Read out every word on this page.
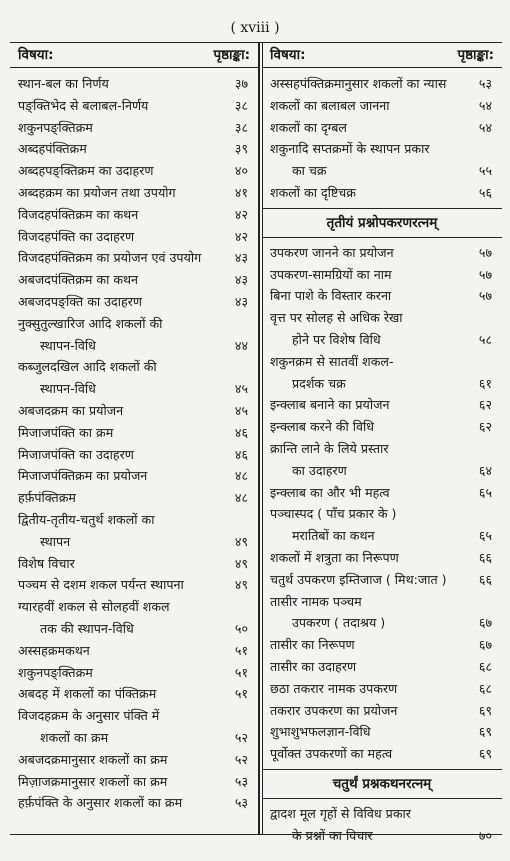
( xviii )
विषया:	पृष्ठाङ्का:
स्थान-बल का निर्णय	३७
पङ्क्तिभेद से बलाबल-निर्णय	३८
शकुनपङ्क्तिक्रम	३८
अब्दहपंक्तिक्रम	३९
अब्दहपङ्क्तिक्रम का उदाहरण	४०
अब्दहक्रम का प्रयोजन तथा उपयोग	४१
विजदहपंक्तिक्रम का कथन	४२
विजदहपंक्ति का उदाहरण	४२
विजदहपंक्तिक्रम का प्रयोजन एवं उपयोग	४३
अबजदपंक्तिक्रम का कथन	४३
अबजदपङ्क्ति का उदाहरण	४३
नुक्सुतुल्खारिज आदि शकलों की
स्थापन-विधि	४४
कब्जुलदखिल आदि शकलों की
स्थापन-विधि	४५
अबजदक्रम का प्रयोजन	४५
मिजाजपंक्ति का क्रम	४६
मिजाजपंक्ति का उदाहरण	४६
मिजाजपंक्तिक्रम का प्रयोजन	४८
हर्फ़पंक्तिक्रम	४८
द्वितीय-तृतीय-चतुर्थ शकलों का
स्थापन	४९
विशेष विचार	४९
पञ्चम से दशम शकल पर्यन्त स्थापना	४९
ग्यारहवीं शकल से सोलहवीं शकल
तक की स्थापन-विधि	५०
अस्सहक्रमकथन	५१
शकुनपङ्क्तिक्रम	५१
अबदह में शकलों का पंक्तिक्रम	५१
विजदहक्रम के अनुसार पंक्ति में
शकलों का क्रम	५२
अबजदक्रमानुसार शकलों का क्रम	५२
मिज़ाजक्रमानुसार शकलों का क्रम	५३
हर्फ़पंक्ति के अनुसार शकलों का क्रम	५३
विषया:	पृष्ठाङ्का:
अस्सहपंक्तिक्रमानुसार शकलों का न्यास	५३
शकलों का बलाबल जानना	५४
शकलों का दृग्बल	५४
शकुनादि सप्तक्रमों के स्थापन प्रकार
का चक्र	५५
शकलों का दृष्टिचक्र	५६
तृतीयं प्रश्नोपकरणरत्नम्
उपकरण जानने का प्रयोजन	५७
उपकरण-सामग्रियों का नाम	५७
बिना पाशे के विस्तार करना	५७
वृत्त पर सोलह से अधिक रेखा
होने पर विशेष विधि	५८
शकुनक्रम से सातवीं शकल-
प्रदर्शक चक्र	६१
इन्क्लाब बनाने का प्रयोजन	६२
इन्क्लाब करने की विधि	६२
क्रान्ति लाने के लिये प्रस्तार
का उदाहरण	६४
इन्क्लाब का और भी महत्व	६५
पञ्चास्पद ( पाँच प्रकार के )
मरातिबों का कथन	६५
शकलों में शत्रुता का निरूपण	६६
चतुर्थ उपकरण इम्तिजाज ( मिथ:जात )	६६
तासीर नामक पञ्चम
उपकरण ( तदाश्रय )	६७
तासीर का निरूपण	६७
तासीर का उदाहरण	६८
छठा तकरार नामक उपकरण	६८
तकरार उपकरण का प्रयोजन	६९
शुभाशुभफलज्ञान-विधि	६९
पूर्वोक्त उपकरणों का महत्व	६९
चतुर्थं प्रश्नकथनरत्नम्
द्वादश मूल गृहों से विविध प्रकार
के प्रश्नों का विचार	७०
